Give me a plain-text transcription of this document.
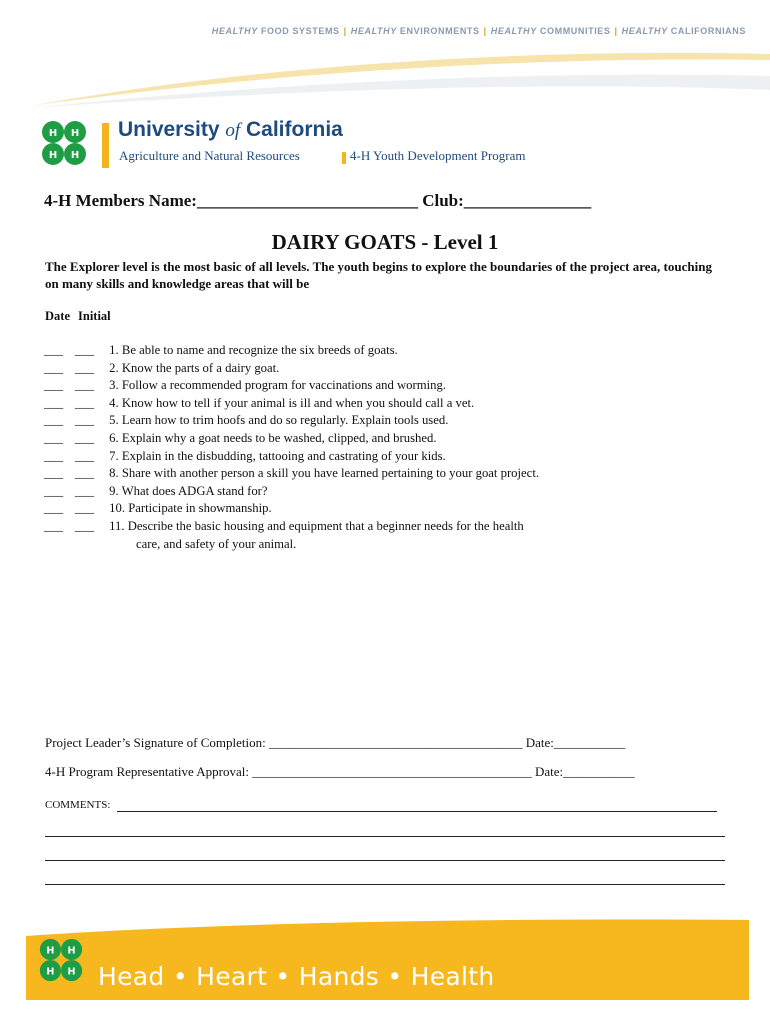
HEALTHY FOOD SYSTEMS | HEALTHY ENVIRONMENTS | HEALTHY COMMUNITIES | HEALTHY CALIFORNIANS
H H
H H
University of California
Agriculture and Natural Resources	4-H Youth Development Program
4-H Members Name:__________________________ Club:_______________
DAIRY GOATS - Level 1
The Explorer level is the most basic of all levels. The youth begins to explore the boundaries of the project area, touching on many skills and knowledge areas that will be
Date Initial
___ ___ 1. Be able to name and recognize the six breeds of goats.
___ ___ 2. Know the parts of a dairy goat.
___ ___ 3. Follow a recommended program for vaccinations and worming.
___ ___ 4. Know how to tell if your animal is ill and when you should call a vet.
___ ___ 5. Learn how to trim hoofs and do so regularly. Explain tools used.
___ ___ 6. Explain why a goat needs to be washed, clipped, and brushed.
___ ___ 7. Explain in the disbudding, tattooing and castrating of your kids.
___ ___ 8. Share with another person a skill you have learned pertaining to your goat project.
___ ___ 9. What does ADGA stand for?
___ ___ 10. Participate in showmanship.
___ ___ 11. Describe the basic housing and equipment that a beginner needs for the health
care, and safety of your animal.
Project Leader’s Signature of Completion: _______________________________________ Date:___________
4-H Program Representative Approval: ___________________________________________ Date:___________
COMMENTS:
H H
H H Head • Heart • Hands • Health
